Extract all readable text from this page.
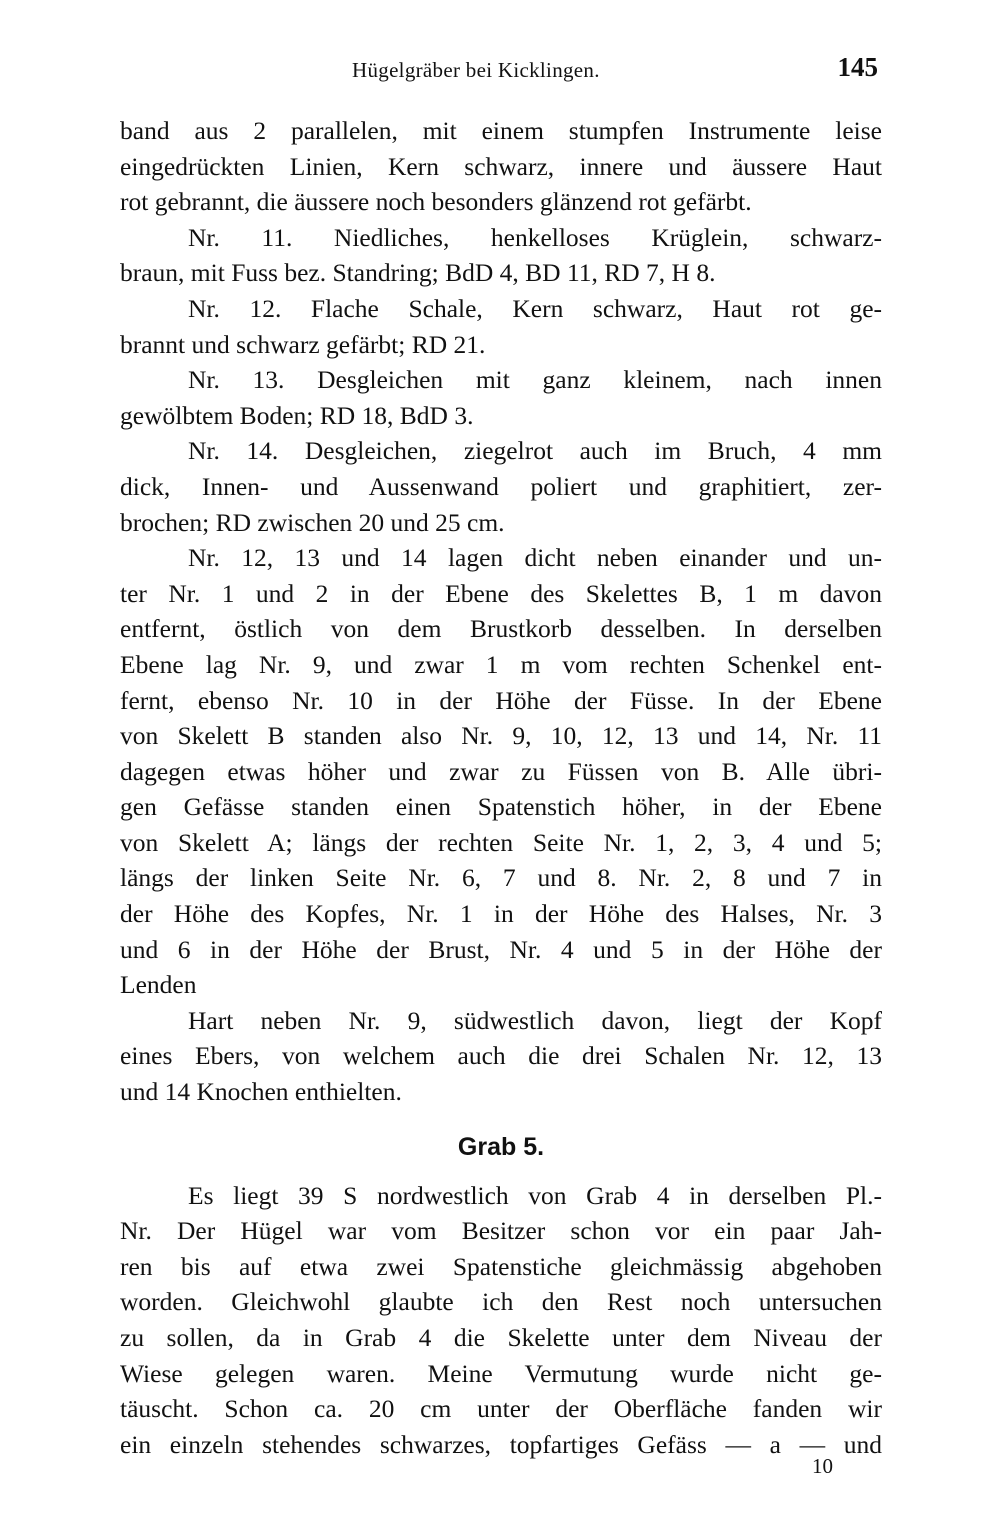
Hügelgräber bei Kicklingen.	145
band aus 2 parallelen, mit einem stumpfen Instrumente leise
eingedrückten Linien, Kern schwarz, innere und äussere Haut
rot gebrannt, die äussere noch besonders glänzend rot gefärbt.
Nr. 11. Niedliches, henkelloses Krüglein, schwarz-
braun, mit Fuss bez. Standring; BdD 4, BD 11, RD 7, H 8.
Nr. 12. Flache Schale, Kern schwarz, Haut rot ge-
brannt und schwarz gefärbt; RD 21.
Nr. 13. Desgleichen mit ganz kleinem, nach innen
gewölbtem Boden; RD 18, BdD 3.
Nr. 14. Desgleichen, ziegelrot auch im Bruch, 4 mm
dick, Innen- und Aussenwand poliert und graphitiert, zer-
brochen; RD zwischen 20 und 25 cm.
Nr. 12, 13 und 14 lagen dicht neben einander und un-
ter Nr. 1 und 2 in der Ebene des Skelettes B, 1 m davon
entfernt, östlich von dem Brustkorb desselben. In derselben
Ebene lag Nr. 9, und zwar 1 m vom rechten Schenkel ent-
fernt, ebenso Nr. 10 in der Höhe der Füsse. In der Ebene
von Skelett B standen also Nr. 9, 10, 12, 13 und 14, Nr. 11
dagegen etwas höher und zwar zu Füssen von B. Alle übri-
gen Gefässe standen einen Spatenstich höher, in der Ebene
von Skelett A; längs der rechten Seite Nr. 1, 2, 3, 4 und 5;
längs der linken Seite Nr. 6, 7 und 8. Nr. 2, 8 und 7 in
der Höhe des Kopfes, Nr. 1 in der Höhe des Halses, Nr. 3
und 6 in der Höhe der Brust, Nr. 4 und 5 in der Höhe der
Lenden
Hart neben Nr. 9, südwestlich davon, liegt der Kopf
eines Ebers, von welchem auch die drei Schalen Nr. 12, 13
und 14 Knochen enthielten.
Grab 5.
Es liegt 39 S nordwestlich von Grab 4 in derselben Pl.-
Nr. Der Hügel war vom Besitzer schon vor ein paar Jah-
ren bis auf etwa zwei Spatenstiche gleichmässig abgehoben
worden. Gleichwohl glaubte ich den Rest noch untersuchen
zu sollen, da in Grab 4 die Skelette unter dem Niveau der
Wiese gelegen waren. Meine Vermutung wurde nicht ge-
täuscht. Schon ca. 20 cm unter der Oberfläche fanden wir
ein einzeln stehendes schwarzes, topfartiges Gefäss — a — und
10
